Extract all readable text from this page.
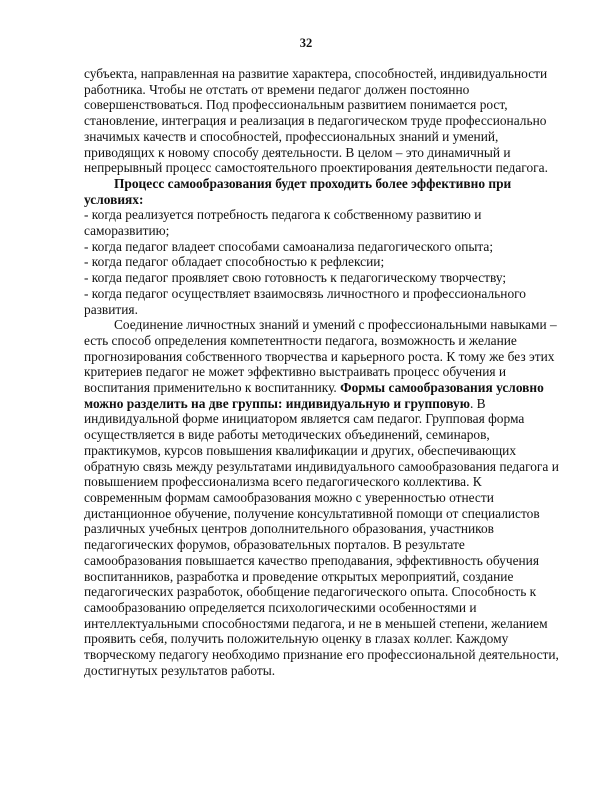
32

субъекта, направленная на развитие характера, способностей, индивидуальности работника. Чтобы не отстать от времени педагог должен постоянно совершенствоваться. Под профессиональным развитием понимается рост, становление, интеграция и реализация в педагогическом труде профессионально значимых качеств и способностей, профессиональных знаний и умений, приводящих к новому способу деятельности. В целом – это динамичный и непрерывный процесс самостоятельного проектирования деятельности педагога.

Процесс самообразования будет проходить более эффективно при условиях:

- когда реализуется потребность педагога к собственному развитию и саморазвитию;

- когда педагог владеет способами самоанализа педагогического опыта;

- когда педагог обладает способностью к рефлексии;

- когда педагог проявляет свою готовность к педагогическому творчеству;

- когда педагог осуществляет взаимосвязь личностного и профессионального развития.

Соединение личностных знаний и умений с профессиональными навыками – есть способ определения компетентности педагога, возможность и желание прогнозирования собственного творчества и карьерного роста. К тому же без этих критериев педагог не может эффективно выстраивать процесс обучения и воспитания применительно к воспитаннику. Формы самообразования условно можно разделить на две группы: индивидуальную и групповую. В индивидуальной форме инициатором является сам педагог. Групповая форма осуществляется в виде работы методических объединений, семинаров, практикумов, курсов повышения квалификации и других, обеспечивающих обратную связь между результатами индивидуального самообразования педагога и повышением профессионализма всего педагогического коллектива. К современным формам самообразования можно с уверенностью отнести дистанционное обучение, получение консультативной помощи от специалистов различных учебных центров дополнительного образования, участников педагогических форумов, образовательных порталов. В результате самообразования повышается качество преподавания, эффективность обучения воспитанников, разработка и проведение открытых мероприятий, создание педагогических разработок, обобщение педагогического опыта. Способность к самообразованию определяется психологическими особенностями и интеллектуальными способностями педагога, и не в меньшей степени, желанием проявить себя, получить положительную оценку в глазах коллег. Каждому творческому педагогу необходимо признание его профессиональной деятельности, достигнутых результатов работы.
